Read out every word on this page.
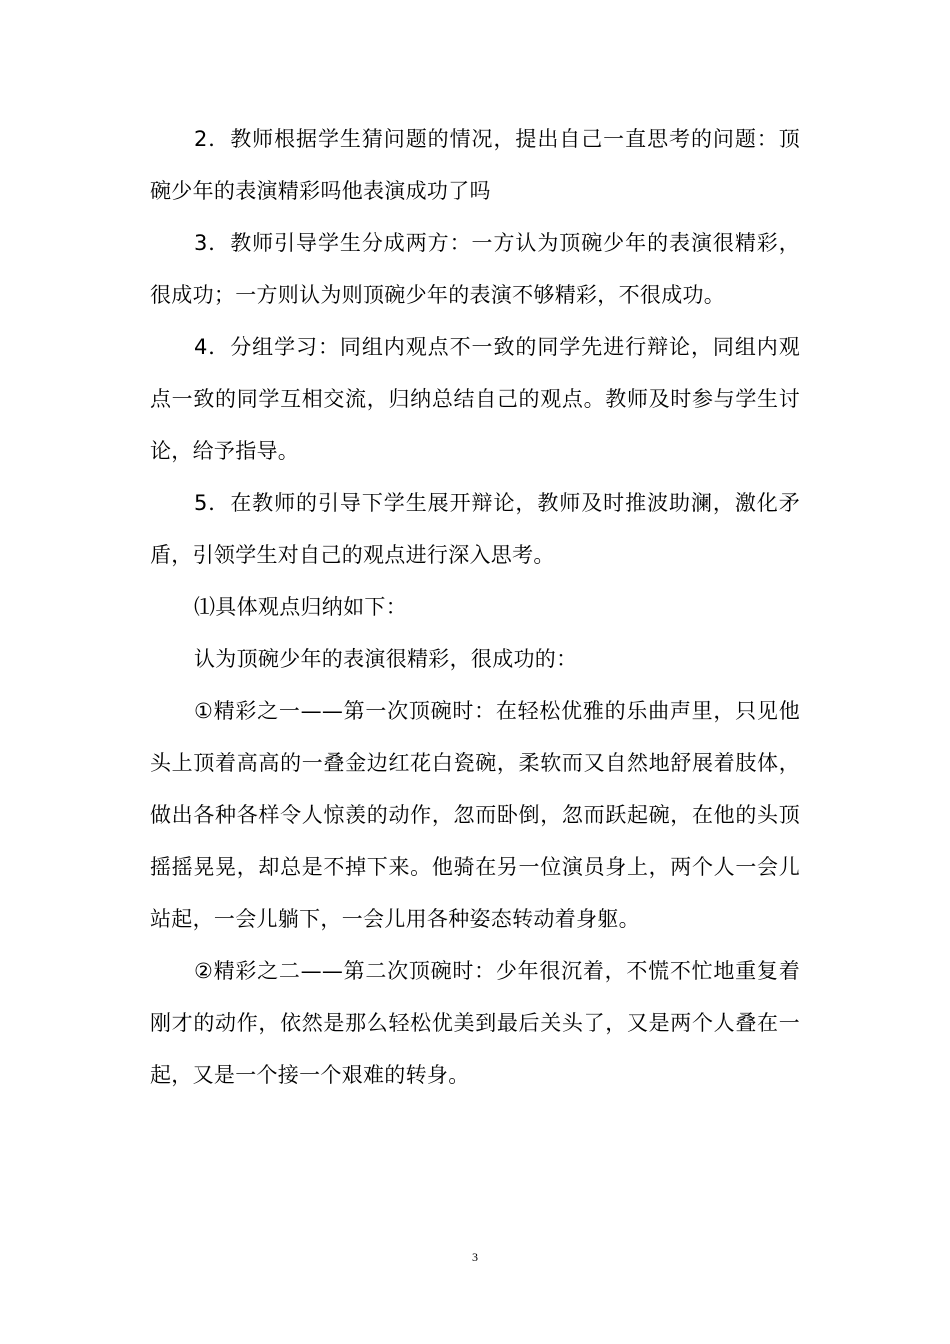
2．教师根据学生猜问题的情况，提出自己一直思考的问题：顶碗少年的表演精彩吗他表演成功了吗

3．教师引导学生分成两方：一方认为顶碗少年的表演很精彩，很成功；一方则认为则顶碗少年的表演不够精彩，不很成功。

4．分组学习：同组内观点不一致的同学先进行辩论，同组内观点一致的同学互相交流，归纳总结自己的观点。教师及时参与学生讨论，给予指导。

5．在教师的引导下学生展开辩论，教师及时推波助澜，激化矛盾，引领学生对自己的观点进行深入思考。

⑴具体观点归纳如下：

认为顶碗少年的表演很精彩，很成功的：

①精彩之一——第一次顶碗时：在轻松优雅的乐曲声里，只见他头上顶着高高的一叠金边红花白瓷碗，柔软而又自然地舒展着肢体，做出各种各样令人惊羡的动作，忽而卧倒，忽而跃起碗，在他的头顶摇摇晃晃，却总是不掉下来。他骑在另一位演员身上，两个人一会儿站起，一会儿躺下，一会儿用各种姿态转动着身躯。

②精彩之二——第二次顶碗时：少年很沉着，不慌不忙地重复着刚才的动作，依然是那么轻松优美到最后关头了，又是两个人叠在一起，又是一个接一个艰难的转身。

3
